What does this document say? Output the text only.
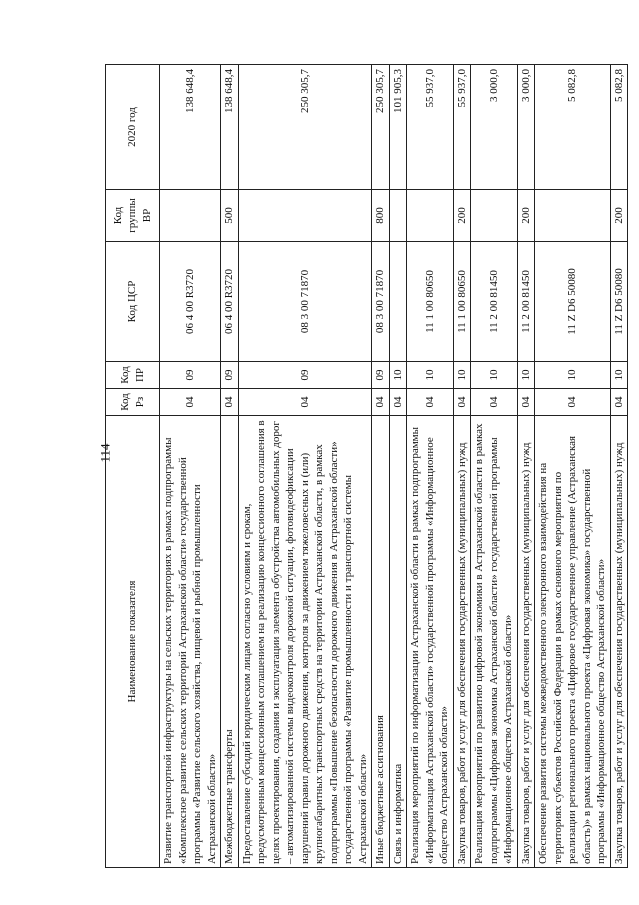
114
Наименование показателя	Код Рз	Код ПР	Код ЦСР	Код группы ВР	2020 год
Развитие транспортной инфраструктуры на сельских территориях в рамках подпрограммы «Комплексное развитие сельских территорий Астраханской области» государственной программы «Развитие сельского хозяйства, пищевой и рыбной промышленности Астраханской области»	04	09	06 4 00 R3720		138 648,4
Межбюджетные трансферты	04	09	06 4 00 R3720	500	138 648,4
Предоставление субсидий юридическим лицам согласно условиям и срокам, предусмотренным концессионным соглашением на реализацию концессионного соглашения в целях проектирования, создания и эксплуатации элемента обустройства автомобильных дорог – автоматизированной системы видеоконтроля дорожной ситуации, фотовидеофиксации нарушений правил дорожного движения, контроля за движением тяжеловесных и (или) крупногабаритных транспортных средств на территории Астраханской области, в рамках подпрограммы «Повышение безопасности дорожного движения в Астраханской области» государственной программы «Развитие промышленности и транспортной системы Астраханской области»	04	09	08 3 00 71870		250 305,7
Иные бюджетные ассигнования	04	09	08 3 00 71870	800	250 305,7
Связь и информатика	04	10			101 905,3
Реализация мероприятий по информатизации Астраханской области в рамках подпрограммы «Информатизация Астраханской области» государственной программы «Информационное общество Астраханской области»	04	10	11 1 00 80650		55 937,0
Закупка товаров, работ и услуг для обеспечения государственных (муниципальных) нужд	04	10	11 1 00 80650	200	55 937,0
Реализация мероприятий по развитию цифровой экономики в Астраханской области в рамках подпрограммы «Цифровая экономика Астраханской области» государственной программы «Информационное общество Астраханской области»	04	10	11 2 00 81450		3 000,0
Закупка товаров, работ и услуг для обеспечения государственных (муниципальных) нужд	04	10	11 2 00 81450	200	3 000,0
Обеспечение развития системы межведомственного электронного взаимодействия на территориях субъектов Российской Федерации в рамках основного мероприятия по реализации регионального проекта «Цифровое государственное управление (Астраханская область)» в рамках национального проекта «Цифровая экономика» государственной программы «Информационное общество Астраханской области»	04	10	11 Z D6 50080		5 082,8
Закупка товаров, работ и услуг для обеспечения государственных (муниципальных) нужд	04	10	11 Z D6 50080	200	5 082,8
